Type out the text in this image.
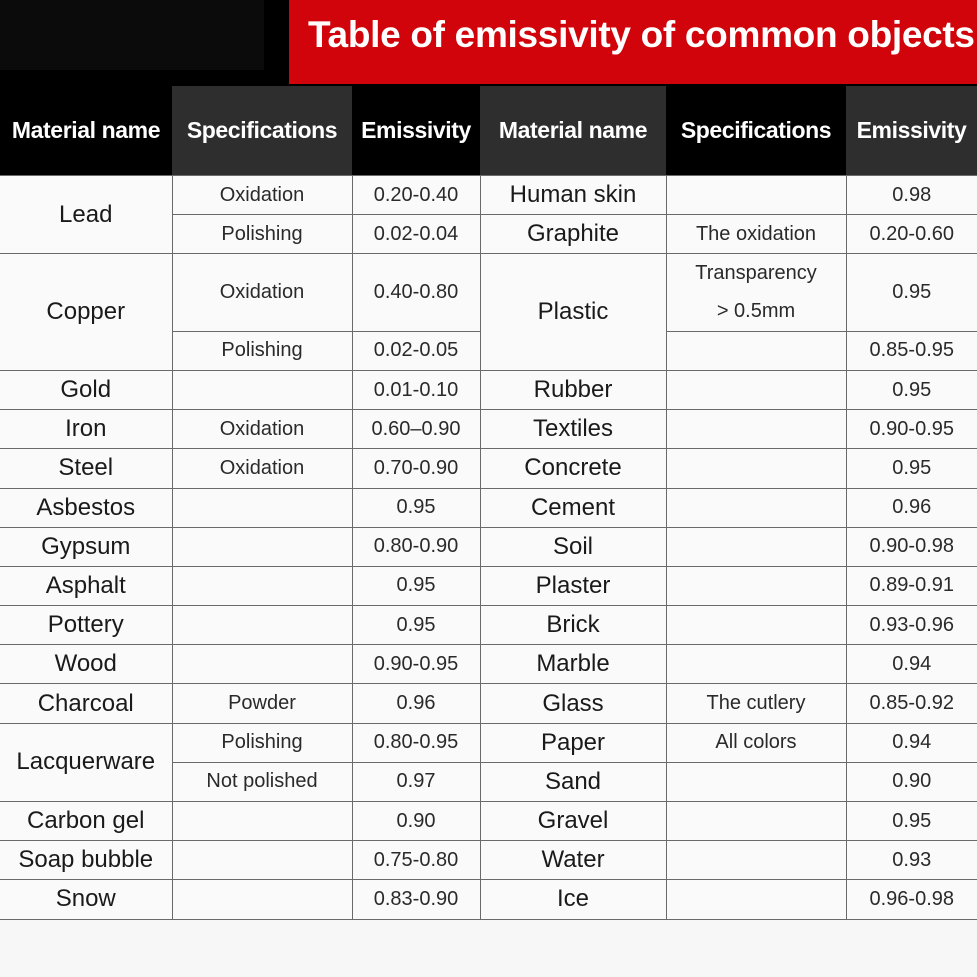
Table of emissivity of common objects
Material name	Specifications	Emissivity	Material name	Specifications	Emissivity
Lead	Oxidation	0.20-0.40	Human skin		0.98
	Polishing	0.02-0.04	Graphite	The oxidation	0.20-0.60
Copper	Oxidation	0.40-0.80	Plastic	Transparency	0.95
				> 0.5mm	
	Polishing	0.02-0.05			0.85-0.95
Gold		0.01-0.10	Rubber		0.95
Iron	Oxidation	0.60–0.90	Textiles		0.90-0.95
Steel	Oxidation	0.70-0.90	Concrete		0.95
Asbestos		0.95	Cement		0.96
Gypsum		0.80-0.90	Soil		0.90-0.98
Asphalt		0.95	Plaster		0.89-0.91
Pottery		0.95	Brick		0.93-0.96
Wood		0.90-0.95	Marble		0.94
Charcoal	Powder	0.96	Glass	The cutlery	0.85-0.92
Lacquerware	Polishing	0.80-0.95	Paper	All colors	0.94
	Not polished	0.97	Sand		0.90
Carbon gel		0.90	Gravel		0.95
Soap bubble		0.75-0.80	Water		0.93
Snow		0.83-0.90	Ice		0.96-0.98
